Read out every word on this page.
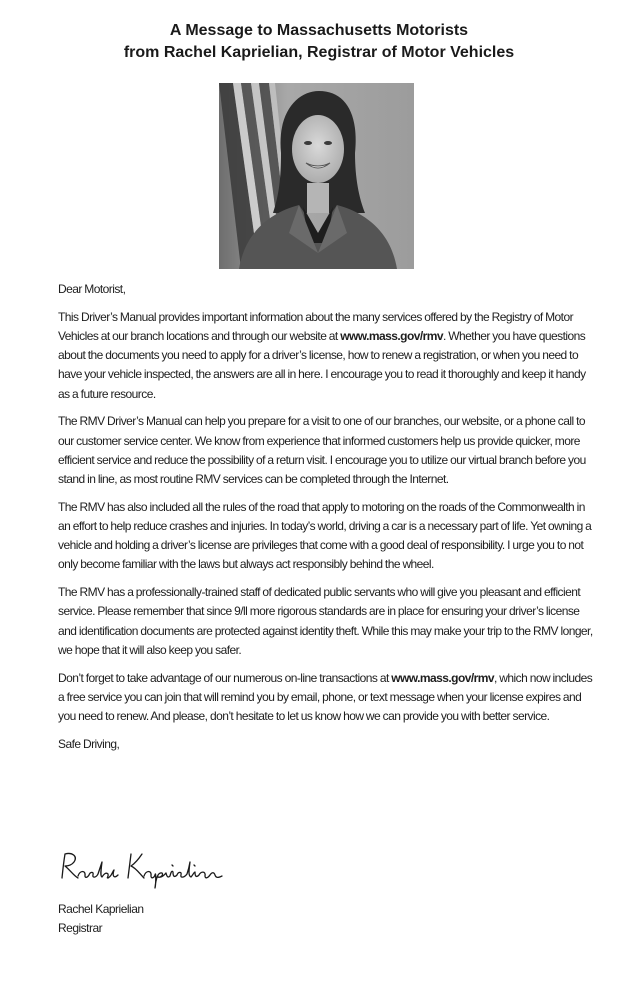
A Message to Massachusetts Motorists
from Rachel Kaprielian, Registrar of Motor Vehicles

Dear Motorist,

This Driver’s Manual provides important information about the many services offered by the Registry of Motor Vehicles at our branch locations and through our website at www.mass.gov/rmv. Whether you have questions about the documents you need to apply for a driver’s license, how to renew a registration, or when you need to have your vehicle inspected, the answers are all in here. I encourage you to read it thoroughly and keep it handy as a future resource.

The RMV Driver’s Manual can help you prepare for a visit to one of our branches, our website, or a phone call to our customer service center. We know from experience that informed customers help us provide quicker, more efficient service and reduce the possibility of a return visit. I encourage you to utilize our virtual branch before you stand in line, as most routine RMV services can be completed through the Internet.

The RMV has also included all the rules of the road that apply to motoring on the roads of the Commonwealth in an effort to help reduce crashes and injuries. In today’s world, driving a car is a necessary part of life. Yet owning a vehicle and holding a driver’s license are privileges that come with a good deal of responsibility. I urge you to not only become familiar with the laws but always act responsibly behind the wheel.

The RMV has a professionally-trained staff of dedicated public servants who will give you pleasant and efficient service. Please remember that since 9/ll more rigorous standards are in place for ensuring your driver’s license and identification documents are protected against identity theft. While this may make your trip to the RMV longer, we hope that it will also keep you safer.

Don’t forget to take advantage of our numerous on-line transactions at www.mass.gov/rmv, which now includes a free service you can join that will remind you by email, phone, or text message when your license expires and you need to renew. And please, don’t hesitate to let us know how we can provide you with better service.

Safe Driving,

Rachel Kaprielian
Registrar
